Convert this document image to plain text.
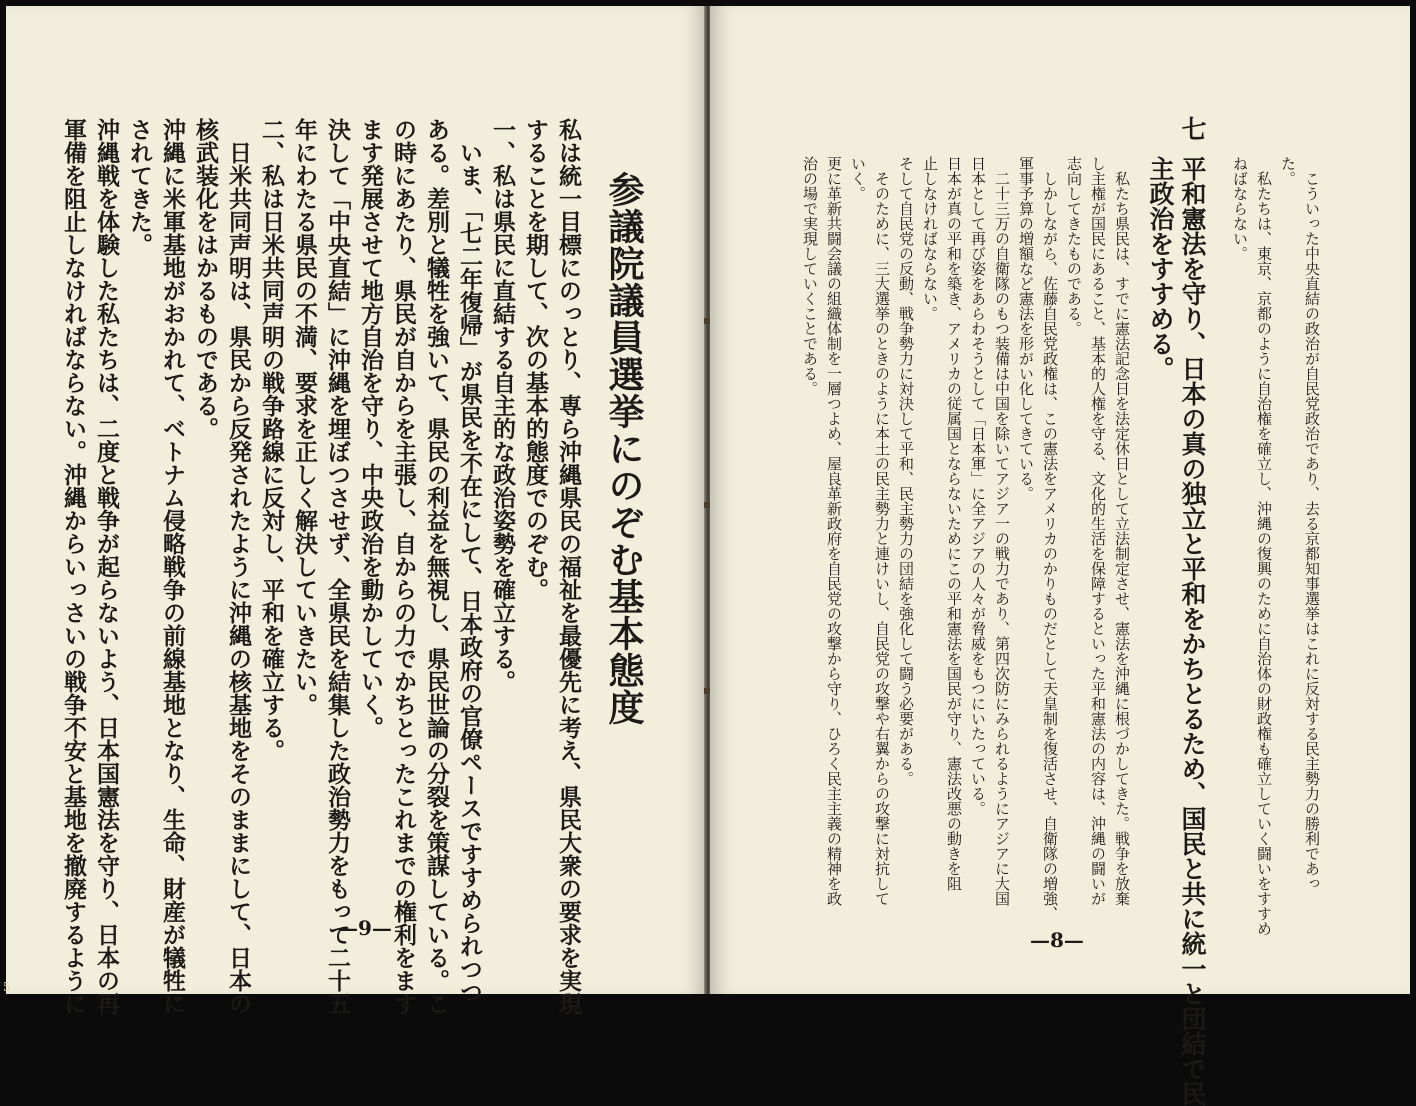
参議院議員選挙にのぞむ基本態度
私は統一目標にのっとり、専ら沖縄県民の福祉を最優先に考え、県民大衆の要求を実現
することを期して、次の基本的態度でのぞむ。
一、私は県民に直結する自主的な政治姿勢を確立する。
いま、「七二年復帰」が県民を不在にして、日本政府の官僚ペースですすめられつつ
ある。差別と犠牲を強いて、県民の利益を無視し、県民世論の分裂を策謀している。こ
の時にあたり、県民が自からを主張し、自からの力でかちとったこれまでの権利をます
ます発展させて地方自治を守り、中央政治を動かしていく。
決して「中央直結」に沖縄を埋ぼつさせず、全県民を結集した政治勢力をもって二十五
年にわたる県民の不満、要求を正しく解決していきたい。
二、私は日米共同声明の戦争路線に反対し、平和を確立する。
日米共同声明は、県民から反発されたように沖縄の核基地をそのままにして、日本の
核武装化をはかるものである。
沖縄に米軍基地がおかれて、ベトナム侵略戦争の前線基地となり、生命、財産が犠牲に
されてきた。
沖縄戦を体験した私たちは、二度と戦争が起らないよう、日本国憲法を守り、日本の再
軍備を阻止しなければならない。沖縄からいっさいの戦争不安と基地を撤廃するように	—9—
こういった中央直結の政治が自民党政治であり、去る京都知事選挙はこれに反対する民主勢力の勝利であっ
た。
私たちは、東京、京都のように自治権を確立し、沖縄の復興のために自治体の財政権も確立していく闘いをすすめ
ねばならない。
七
平和憲法を守り、日本の真の独立と平和をかちとるため、国民と共に統一と団結で民
主政治をすすめる。
私たち県民は、すでに憲法記念日を法定休日として立法制定させ、憲法を沖縄に根づかしてきた。戦争を放棄
し主権が国民にあること、基本的人権を守る、文化的生活を保障するといった平和憲法の内容は、沖縄の闘いが
志向してきたものである。
しかしながら、佐藤自民党政権は、この憲法をアメリカのかりものだとして天皇制を復活させ、自衛隊の増強、
軍事予算の増額など憲法を形がい化してきている。
二十三万の自衛隊のもつ装備は中国を除いてアジア一の戦力であり、第四次防にみられるようにアジアに大国
日本として再び姿をあらわそうとして「日本軍」に全アジアの人々が脅威をもつにいたっている。
日本が真の平和を築き、アメリカの従属国とならないためにこの平和憲法を国民が守り、憲法改悪の動きを阻
止しなければならない。
そして自民党の反動、戦争勢力に対決して平和、民主勢力の団結を強化して闘う必要がある。
そのために、三大選挙のときのように本土の民主勢力と連けいし、自民党の攻撃や右翼からの攻撃に対抗して
いく。
更に革新共闘会議の組織体制を一層つよめ、屋良革新政府を自民党の攻撃から守り、ひろく民主主義の精神を政
治の場で実現していくことである。
—8—
5
